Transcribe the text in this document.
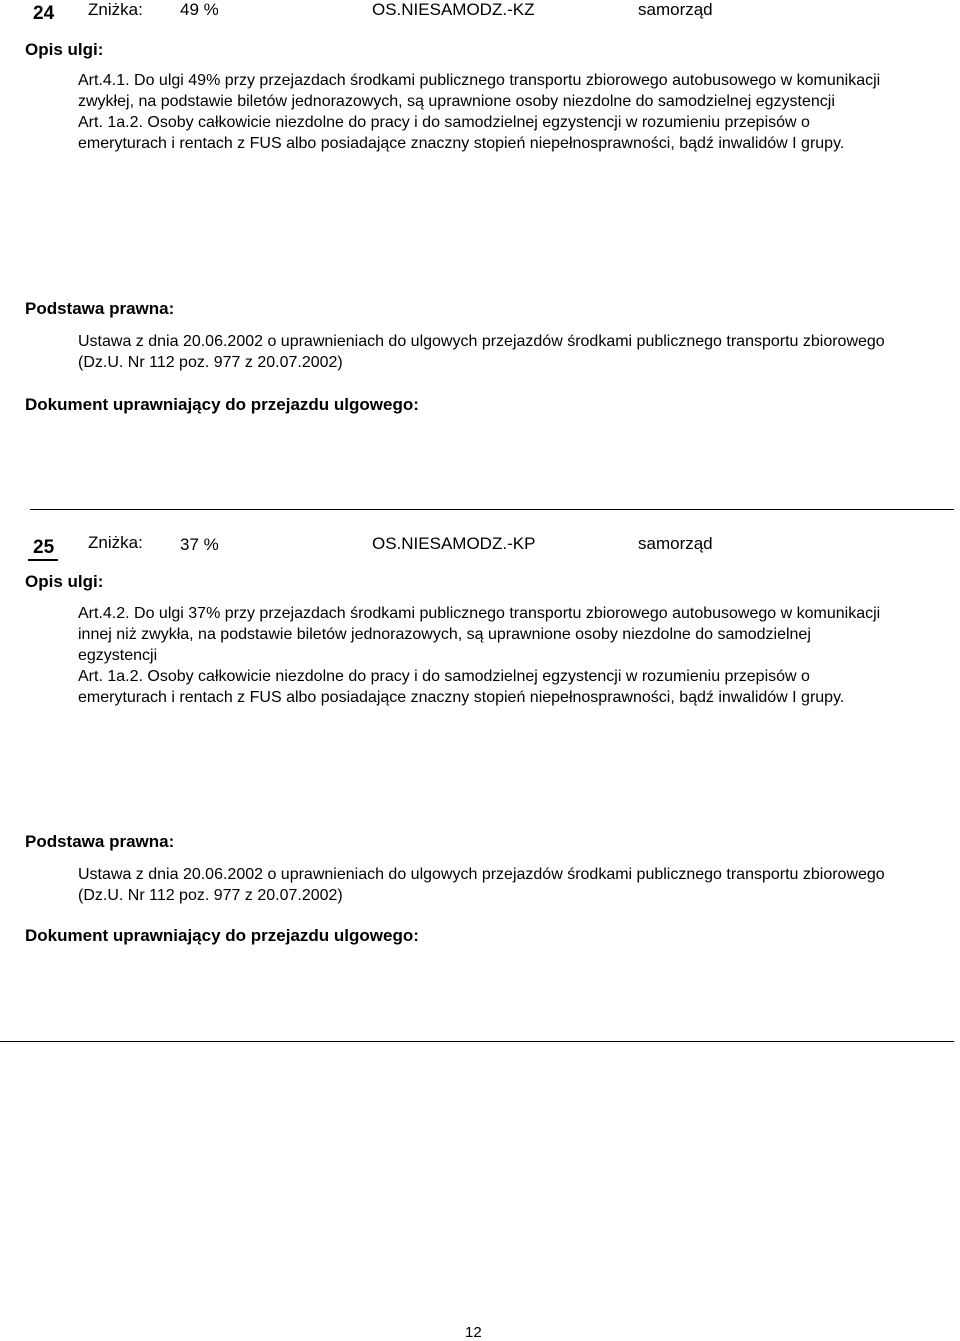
24 Zniżka: 49 %	OS.NIESAMODZ.-KZ	samorząd
Opis ulgi:
Art.4.1. Do ulgi 49% przy przejazdach środkami publicznego transportu zbiorowego autobusowego w komunikacji
zwykłej, na podstawie biletów jednorazowych, są uprawnione osoby niezdolne do samodzielnej egzystencji
Art. 1a.2. Osoby całkowicie niezdolne do pracy i do samodzielnej egzystencji w rozumieniu przepisów o
emeryturach i rentach z FUS albo posiadające znaczny stopień niepełnosprawności, bądź inwalidów I grupy.
Podstawa prawna:
Ustawa z dnia 20.06.2002 o uprawnieniach do ulgowych przejazdów środkami publicznego transportu zbiorowego
(Dz.U. Nr 112 poz. 977 z 20.07.2002)
Dokument uprawniający do przejazdu ulgowego:
25 Zniżka: 37 %	OS.NIESAMODZ.-KP	samorząd
Opis ulgi:
Art.4.2. Do ulgi 37% przy przejazdach środkami publicznego transportu zbiorowego autobusowego w komunikacji
innej niż zwykła, na podstawie biletów jednorazowych, są uprawnione osoby niezdolne do samodzielnej
egzystencji
Art. 1a.2. Osoby całkowicie niezdolne do pracy i do samodzielnej egzystencji w rozumieniu przepisów o
emeryturach i rentach z FUS albo posiadające znaczny stopień niepełnosprawności, bądź inwalidów I grupy.
Podstawa prawna:
Ustawa z dnia 20.06.2002 o uprawnieniach do ulgowych przejazdów środkami publicznego transportu zbiorowego
(Dz.U. Nr 112 poz. 977 z 20.07.2002)
Dokument uprawniający do przejazdu ulgowego:
12
